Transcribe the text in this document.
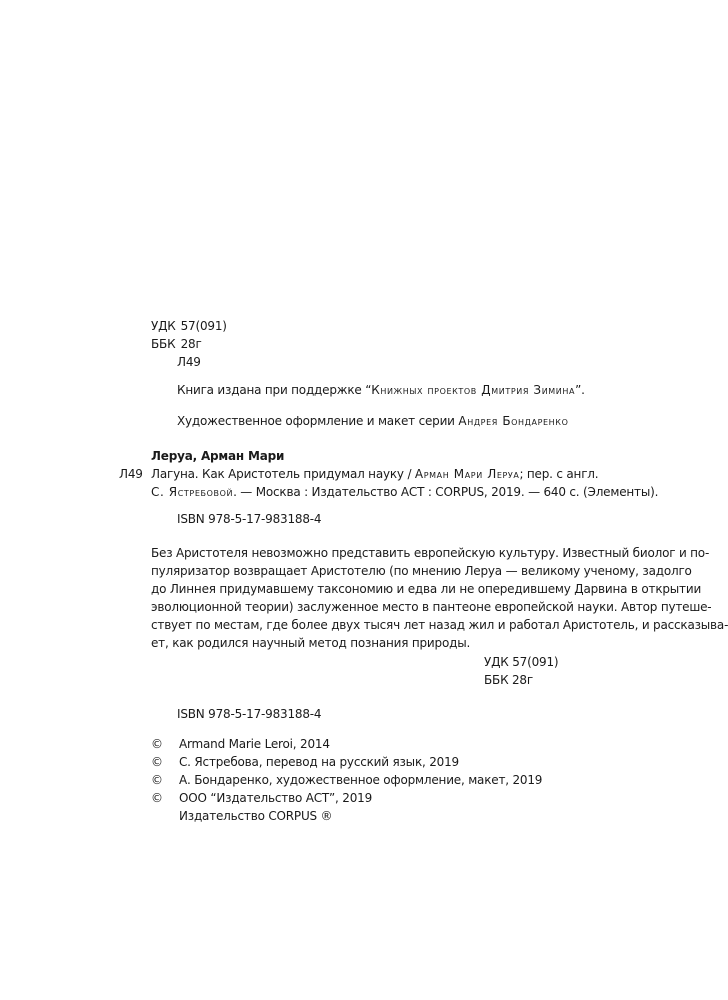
УДК 57(091)
ББК 28г
Л49
Книга издана при поддержке “Книжных проектов Дмитрия Зимина”.
Художественное оформление и макет серии Андрея Бондаренко
Леруа, Арман Мари
Л49 Лагуна. Как Аристотель придумал науку / Арман Мари Леруа; пер. с англ.
С. Ястребовой. — Москва : Издательство АСТ : CORPUS, 2019. — 640 с. (Элементы).
ISBN 978-5-17-983188-4
Без Аристотеля невозможно представить европейскую культуру. Известный биолог и по-
пуляризатор возвращает Аристотелю (по мнению Леруа — великому ученому, задолго
до Линнея придумавшему таксономию и едва ли не опередившему Дарвина в открытии
эволюционной теории) заслуженное место в пантеоне европейской науки. Автор путеше-
ствует по местам, где более двух тысяч лет назад жил и работал Аристотель, и рассказыва-
ет, как родился научный метод познания природы.
УДК 57(091)
ББК 28г
ISBN 978-5-17-983188-4
© Armand Marie Leroi, 2014
© С. Ястребова, перевод на русский язык, 2019
© А. Бондаренко, художественное оформление, макет, 2019
© ООО “Издательство АСТ”, 2019
Издательство CORPUS ®
